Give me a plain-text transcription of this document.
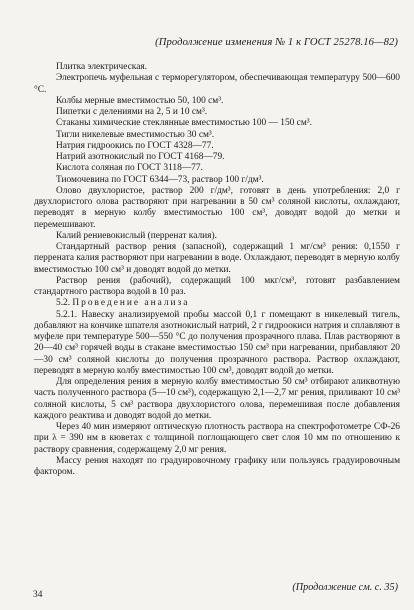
(Продолжение изменения № 1 к ГОСТ 25278.16—82)

Плитка электрическая.

Электропечь муфельная с терморегулятором, обеспечивающая температуру 500—600 °С.

Колбы мерные вместимостью 50, 100 см³.

Пипетки с делениями на 2, 5 и 10 см³.

Стаканы химические стеклянные вместимостью 100 — 150 см³.

Тигли никелевые вместимостью 30 см³.

Натрия гидроокись по ГОСТ 4328—77.

Натрий азотнокислый по ГОСТ 4168—79.

Кислота соляная по ГОСТ 3118—77.

Тиомочевина по ГОСТ 6344—73, раствор 100 г/дм³.

Олово двухлористое, раствор 200 г/дм³, готовят в день употребления: 2,0 г двухлористого олова растворяют при нагревании в 50 см³ соляной кислоты, охлаждают, переводят в мерную колбу вместимостью 100 см³, доводят водой до метки и перемешивают.

Калий рениевокислый (перренат калия).

Стандартный раствор рения (запасной), содержащий 1 мг/см³ рения: 0,1550 г перрената калия растворяют при нагревании в воде. Охлаждают, переводят в мерную колбу вместимостью 100 см³ и доводят водой до метки.

Раствор рения (рабочий), содержащий 100 мкг/см³, готовят разбавлением стандартного раствора водой в 10 раз.

5.2. Проведение анализа

5.2.1. Навеску анализируемой пробы массой 0,1 г помещают в никелевый тигель, добавляют на кончике шпателя азотнокислый натрий, 2 г гидроокиси натрия и сплавляют в муфеле при температуре 500—550 °С до получения прозрачного плава. Плав растворяют в 20—40 см³ горячей воды в стакане вместимостью 150 см³ при нагревании, прибавляют 20—30 см³ соляной кислоты до получения прозрачного раствора. Раствор охлаждают, переводят в мерную колбу вместимостью 100 см³, доводят водой до метки.

Для определения рения в мерную колбу вместимостью 50 см³ отбирают аликвотную часть полученного раствора (5—10 см³), содержащую 2,1—2,7 мг рения, приливают 10 см³ соляной кислоты, 5 см³ раствора двухлористого олова, перемешивая после добавления каждого реактива и доводят водой до метки.

Через 40 мин измеряют оптическую плотность раствора на спектрофотометре СФ-26 при λ = 390 нм в кюветах с толщиной поглощающего свет слоя 10 мм по отношению к раствору сравнения, содержащему 2,0 мг рения.

Массу рения находят по градуировочному графику или пользуясь градуировочным фактором.

(Продолжение см. с. 35)
34
